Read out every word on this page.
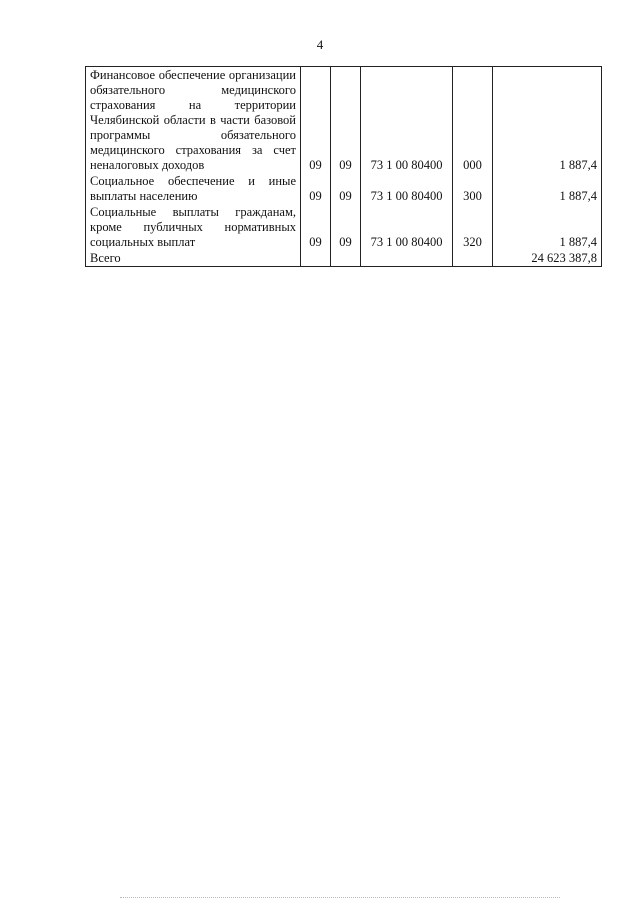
4
Финансовое обеспечение организации обязательного медицинского страхования на территории Челябинской области в части базовой программы обязательного медицинского страхования за счет неналоговых доходов	09	09	73 1 00 80400	000	1 887,4
Социальное обеспечение и иные выплаты населению	09	09	73 1 00 80400	300	1 887,4
Социальные выплаты гражданам, кроме публичных нормативных социальных выплат	09	09	73 1 00 80400	320	1 887,4
Всего					24 623 387,8
